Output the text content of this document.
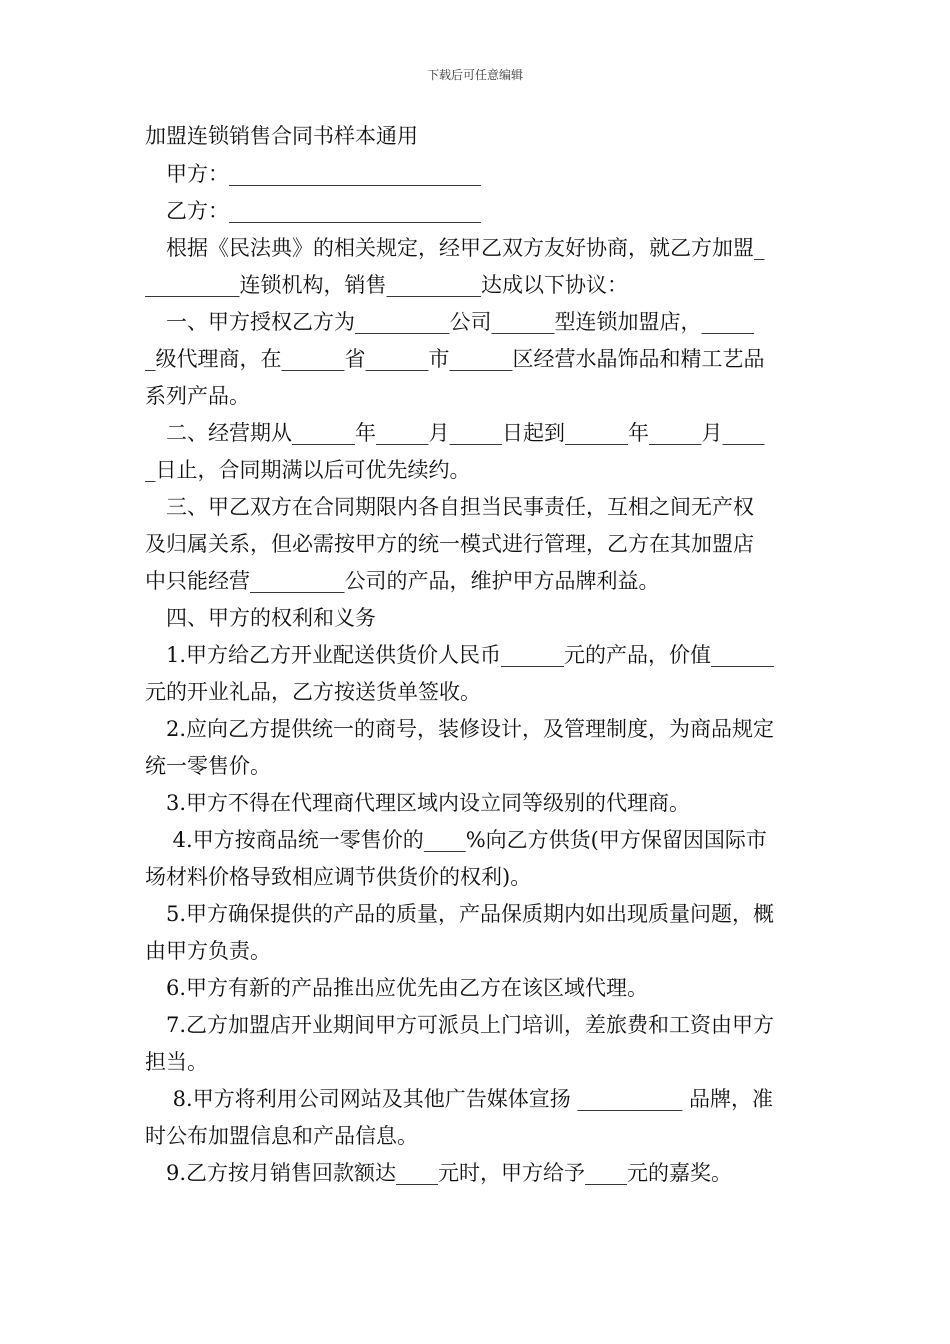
下载后可任意编辑
加盟连锁销售合同书样本通用
　甲方：________________________
　乙方：________________________
　根据《民法典》的相关规定，经甲乙双方友好协商，就乙方加盟_
_________连锁机构，销售_________达成以下协议：
　一、甲方授权乙方为_________公司______型连锁加盟店，_____
_级代理商，在______省______市______区经营水晶饰品和精工艺品
系列产品。
　二、经营期从______年_____月_____日起到______年_____月____
_日止，合同期满以后可优先续约。
　三、甲乙双方在合同期限内各自担当民事责任，互相之间无产权
及归属关系，但必需按甲方的统一模式进行管理，乙方在其加盟店
中只能经营_________公司的产品，维护甲方品牌利益。
　四、甲方的权利和义务
　1.甲方给乙方开业配送供货价人民币______元的产品，价值______
元的开业礼品，乙方按送货单签收。
　2.应向乙方提供统一的商号，装修设计，及管理制度，为商品规定
统一零售价。
　3.甲方不得在代理商代理区域内设立同等级别的代理商。
　 4.甲方按商品统一零售价的____%向乙方供货(甲方保留因国际市
场材料价格导致相应调节供货价的权利)。
　5.甲方确保提供的产品的质量，产品保质期内如出现质量问题，概
由甲方负责。
　6.甲方有新的产品推出应优先由乙方在该区域代理。
　7.乙方加盟店开业期间甲方可派员上门培训，差旅费和工资由甲方
担当。
　 8.甲方将利用公司网站及其他广告媒体宣扬 __________ 品牌，准
时公布加盟信息和产品信息。
　9.乙方按月销售回款额达____元时，甲方给予____元的嘉奖。
